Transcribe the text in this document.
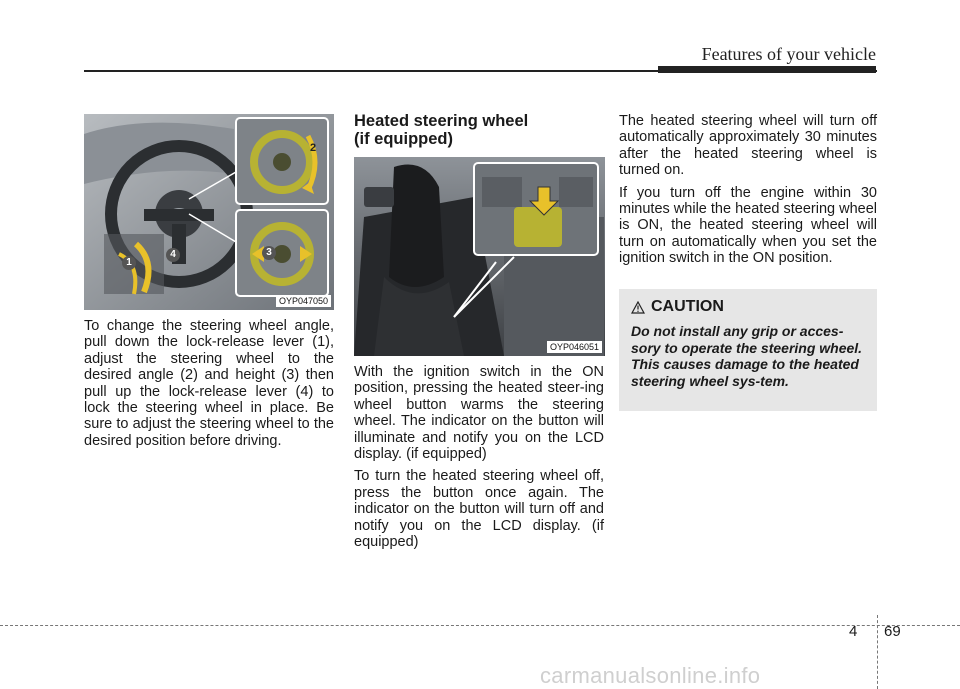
Features of your vehicle
1
2
3
4
OYP047050

To change the steering wheel angle, pull down the lock-release lever (1), adjust the steering wheel to the desired angle (2) and height (3) then pull up the lock-release lever (4) to lock the steering wheel in place. Be sure to adjust the steering wheel to the desired position before driving.

Heated steering wheel
(if equipped)
OYP046051

With the ignition switch in the ON position, pressing the heated steer-ing wheel button warms the steering wheel. The indicator on the button will illuminate and notify you on the LCD display. (if equipped)

To turn the heated steering wheel off, press the button once again. The indicator on the button will turn off and notify you on the LCD display. (if equipped)

The heated steering wheel will turn off automatically approximately 30 minutes after the heated steering wheel is turned on.

If you turn off the engine within 30 minutes while the heated steering wheel is ON, the heated steering wheel will turn on automatically when you set the ignition switch in the ON position.

CAUTION
Do not install any grip or acces-sory to operate the steering wheel. This causes damage to the heated steering wheel sys-tem.
4 69
carmanualsonline.info
